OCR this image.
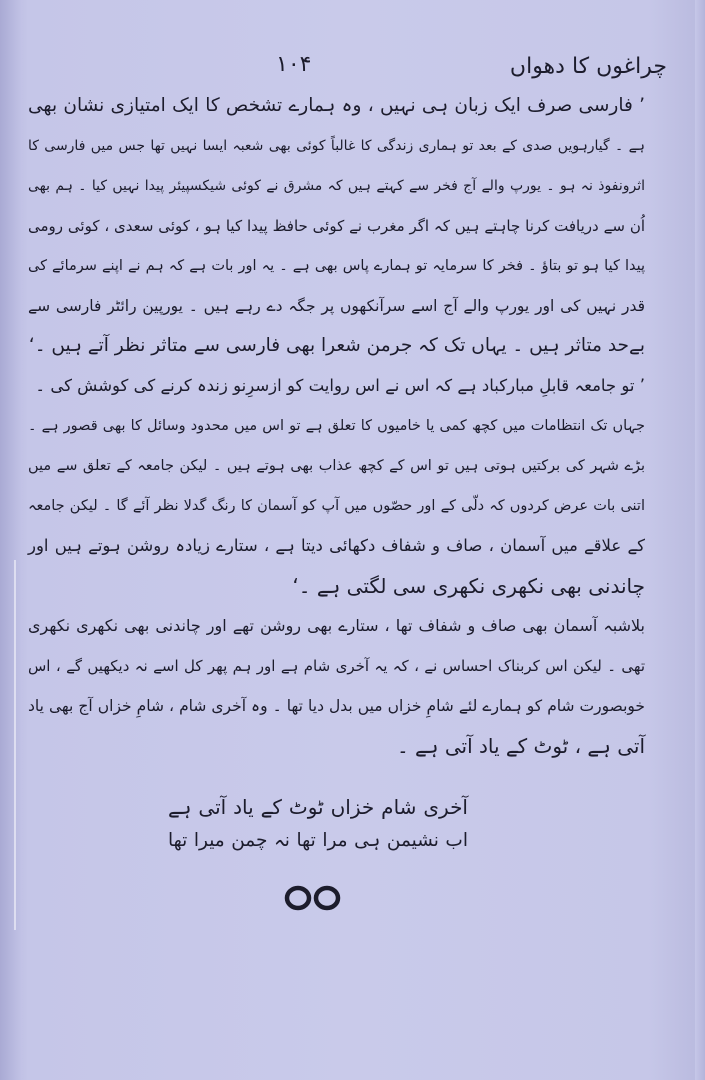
چراغوں کا دھواں
۱۰۴
’ فارسی صرف ایک زبان ہی نہیں ، وہ ہمارے تشخص کا ایک امتیازی نشان بھی
ہے ۔ گیارہویں صدی کے بعد تو ہماری زندگی کا غالباً کوئی بھی شعبہ ایسا نہیں تھا جس میں فارسی کا
اثرونفوذ نہ ہو ۔ یورپ والے آج فخر سے کہتے ہیں کہ مشرق نے کوئی شیکسپیئر پیدا نہیں کیا ۔ ہم بھی
اُن سے دریافت کرنا چاہتے ہیں کہ اگر مغرب نے کوئی حافظ پیدا کیا ہو ، کوئی سعدی ، کوئی رومی
پیدا کیا ہو تو بتاؤ ۔ فخر کا سرمایہ تو ہمارے پاس بھی ہے ۔ یہ اور بات ہے کہ ہم نے اپنے سرمائے کی
قدر نہیں کی اور یورپ والے آج اسے سرآنکھوں پر جگہ دے رہے ہیں ۔ یورپین رائٹر فارسی سے
بےحد متاثر ہیں ۔ یہاں تک کہ جرمن شعرا بھی فارسی سے متاثر نظر آتے ہیں ۔‘
’ تو جامعہ قابلِ مبارکباد ہے کہ اس نے اس روایت کو ازسرِنو زندہ کرنے کی کوشش کی ۔
جہاں تک انتظامات میں کچھ کمی یا خامیوں کا تعلق ہے تو اس میں محدود وسائل کا بھی قصور ہے ۔
بڑے شہر کی برکتیں ہوتی ہیں تو اس کے کچھ عذاب بھی ہوتے ہیں ۔ لیکن جامعہ کے تعلق سے میں
اتنی بات عرض کردوں کہ دلّی کے اور حصّوں میں آپ کو آسمان کا رنگ گدلا نظر آئے گا ۔ لیکن جامعہ
کے علاقے میں آسمان ، صاف و شفاف دکھائی دیتا ہے ، ستارے زیادہ روشن ہوتے ہیں اور
چاندنی بھی نکھری نکھری سی لگتی ہے ۔‘
بلاشبہ آسمان بھی صاف و شفاف تھا ، ستارے بھی روشن تھے اور چاندنی بھی نکھری نکھری
تھی ۔ لیکن اس کربناک احساس نے ، کہ یہ آخری شام ہے اور ہم پھر کل اسے نہ دیکھیں گے ، اس
خوبصورت شام کو ہمارے لئے شامِ خزاں میں بدل دیا تھا ۔ وہ آخری شام ، شامِ خزاں آج بھی یاد
آتی ہے ، ٹوٹ کے یاد آتی ہے ۔
آخری شام خزاں ٹوٹ کے یاد آتی ہے
اب نشیمن ہی مرا تھا نہ چمن میرا تھا
